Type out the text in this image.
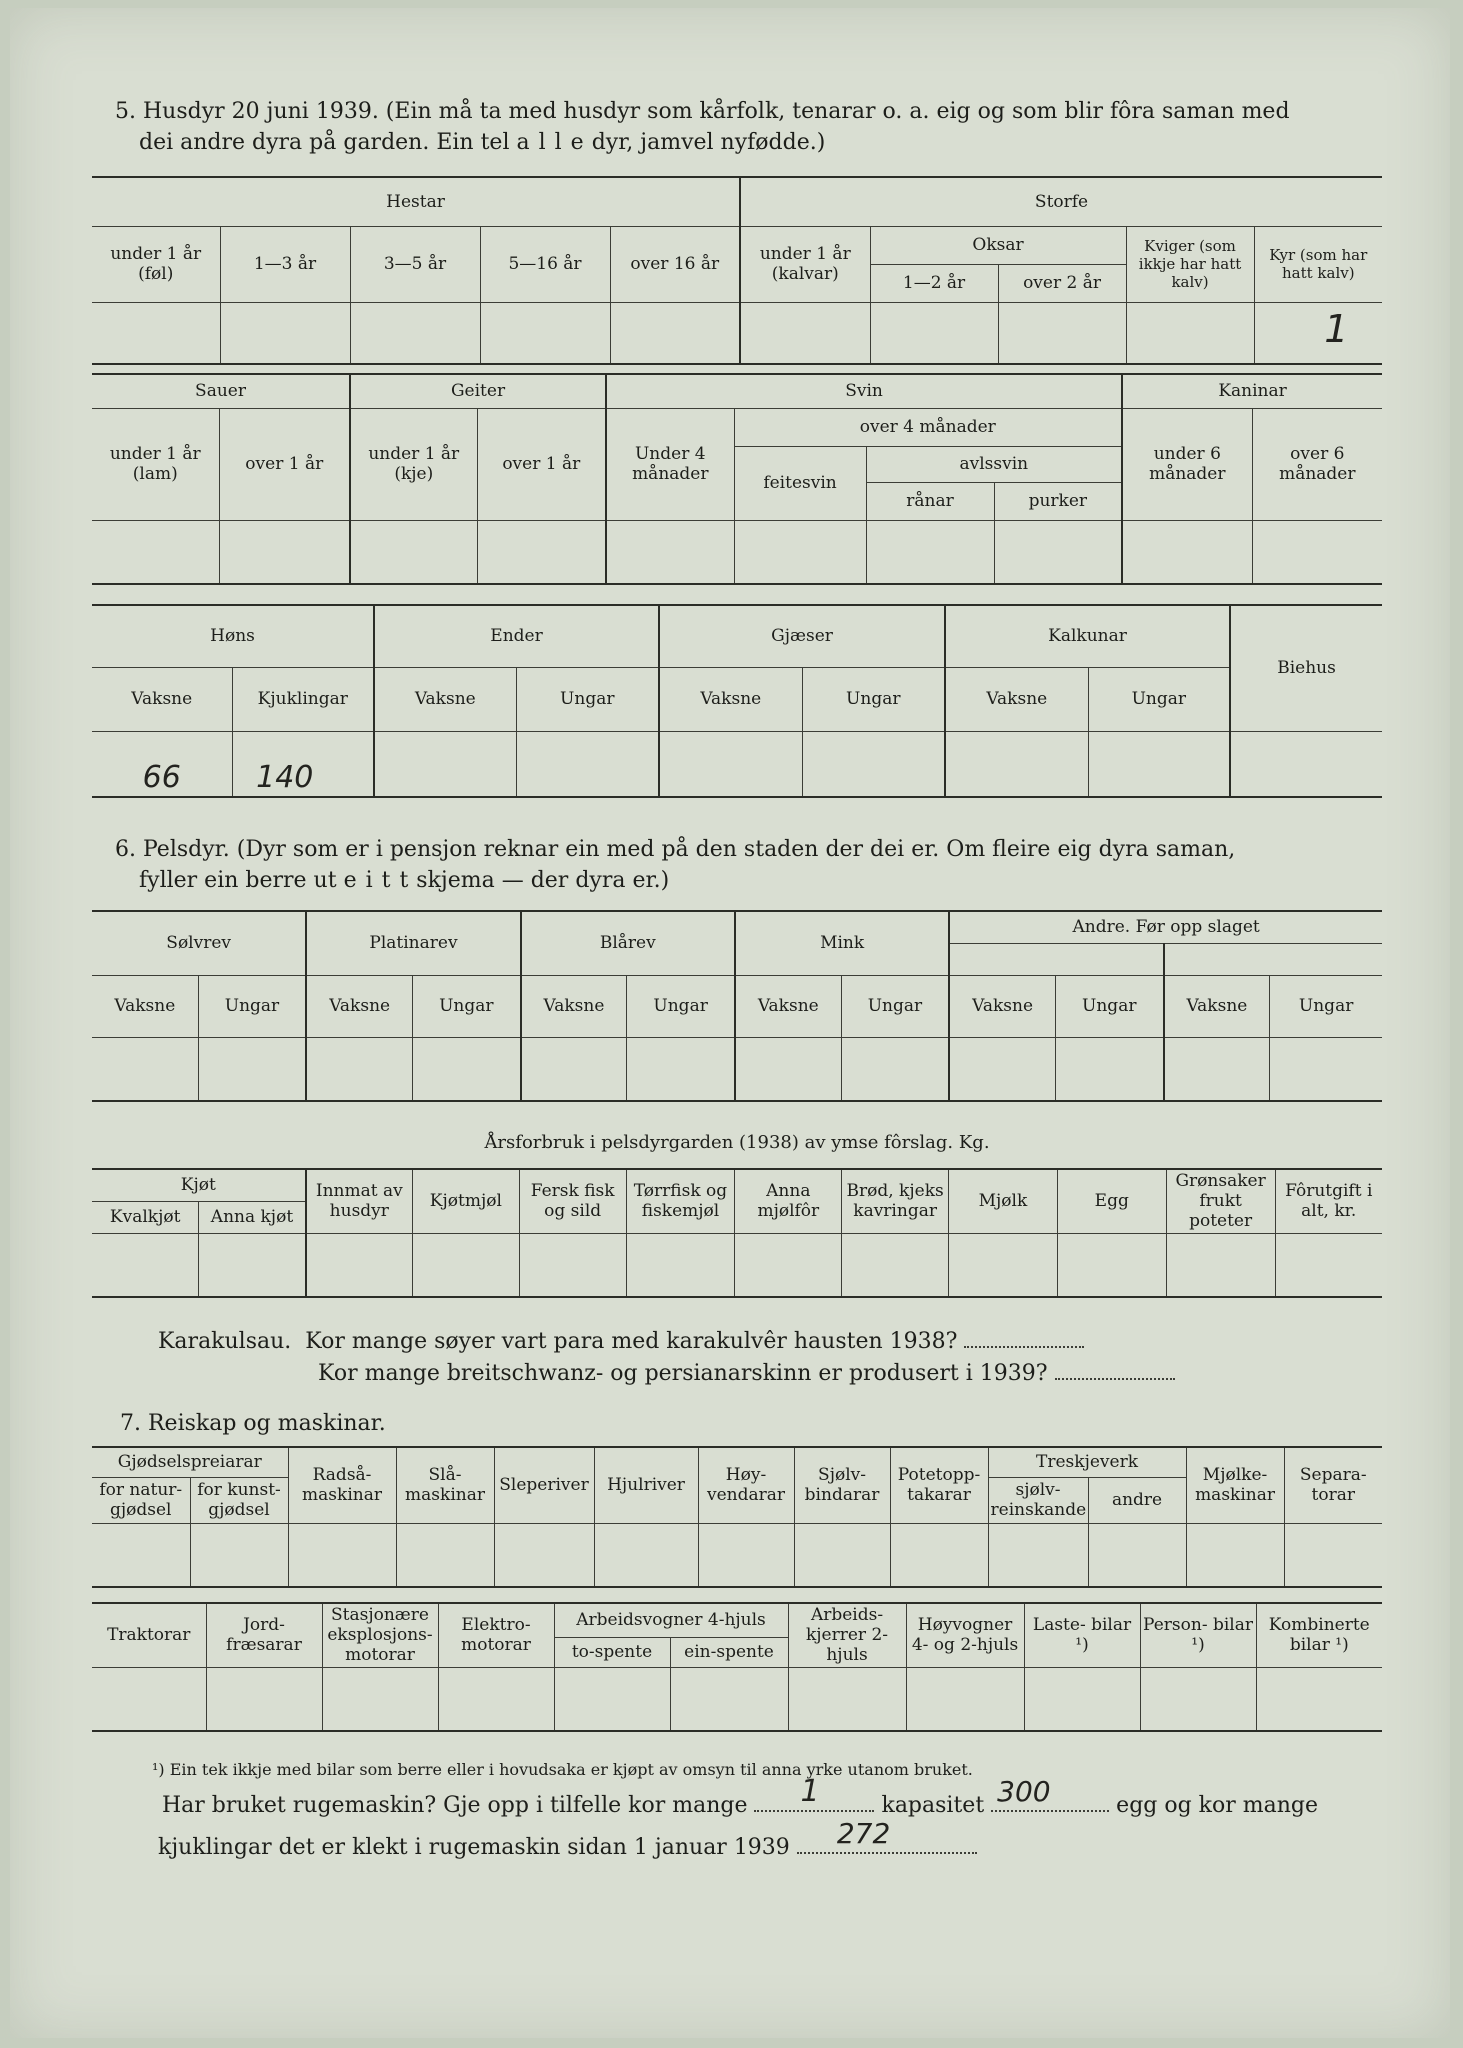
5. Husdyr 20 juni 1939. (Ein må ta med husdyr som kårfolk, tenarar o. a. eig og som blir fôra saman med
dei andre dyra på garden. Ein tel a l l e dyr, jamvel nyfødde.)
Hestar					Storfe				
under 1 år (føl)	1—3 år	3—5 år	5—16 år	over 16 år	under 1 år (kalvar)	Oksar		Kviger (som ikkje har hatt kalv)	Kyr (som har hatt kalv)
						1—2 år	over 2 år		
									1
Sauer		Geiter		Svin				Kaninar	
under 1 år (lam)	over 1 år	under 1 år (kje)	over 1 år	Under 4 månader	over 4 månader			under 6 månader	over 6 månader
					feitesvin	avlssvin			
						rånar	purker		

Høns		Ender		Gjæser		Kalkunar		Biehus
Vaksne	Kjuklingar	Vaksne	Ungar	Vaksne	Ungar	Vaksne	Ungar	
66	140							
6. Pelsdyr. (Dyr som er i pensjon reknar ein med på den staden der dei er. Om fleire eig dyra saman,
fyller ein berre ut e i t t skjema — der dyra er.)
Sølvrev		Platinarev		Blårev		Mink		Andre. Før opp slaget			

Vaksne	Ungar	Vaksne	Ungar	Vaksne	Ungar	Vaksne	Ungar	Vaksne	Ungar	Vaksne	Ungar

Årsforbruk i pelsdyrgarden (1938) av ymse fôrslag. Kg.
Kjøt		Innmat av husdyr	Kjøtmjøl	Fersk fisk og sild	Tørrfisk og fiskemjøl	Anna mjølfôr	Brød, kjeks kavringar	Mjølk	Egg	Grønsaker frukt poteter	Fôrutgift i alt, kr.
Kvalkjøt	Anna kjøt										

Karakulsau. Kor mange søyer vart para med karakulvêr hausten 1938?
Kor mange breitschwanz- og persianarskinn er produsert i 1939?
7. Reiskap og maskinar.
Gjødselspreiarar		Radså- maskinar	Slå- maskinar	Sleperiver	Hjulriver	Høy- vendarar	Sjølv- bindarar	Potetopp- takarar	Treskjeverk		Mjølke- maskinar	Separa- torar
for natur- gjødsel	for kunst- gjødsel								sjølv- reinskande	andre		

Traktorar	Jord- fræsarar	Stasjonære eksplosjons- motorar	Elektro- motorar	Arbeidsvogner 4-hjuls		Arbeids- kjerrer 2-hjuls	Høyvogner 4- og 2-hjuls	Laste- bilar ¹)	Person- bilar ¹)	Kombinerte bilar ¹)
				to-spente	ein-spente					

¹) Ein tek ikkje med bilar som berre eller i hovudsaka er kjøpt av omsyn til anna yrke utanom bruket.
Har bruket rugemaskin? Gje opp i tilfelle kor mange 1	kapasitet 300	egg og kor mange
kjuklingar det er klekt i rugemaskin sidan 1 januar 1939 272
